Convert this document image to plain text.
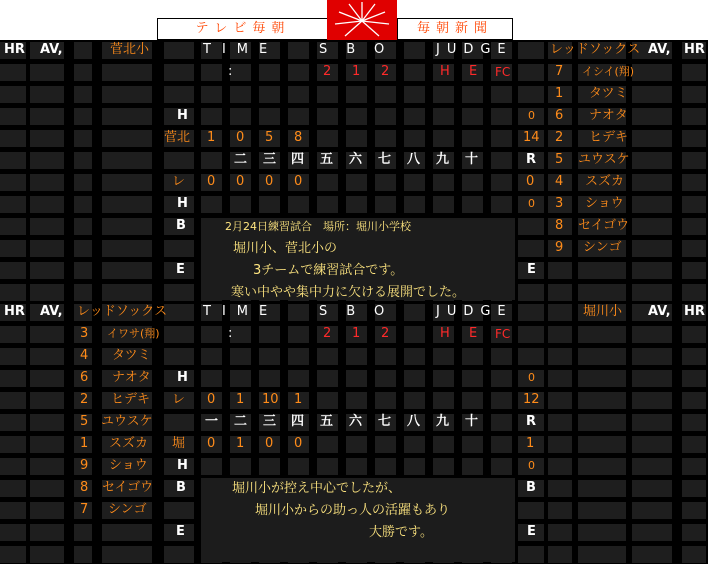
テレビ毎朝	毎朝新聞
HR AV,	菅北小	TIME	SBO	JUDGE	レッドソックス AV, HR
:	2 1 2	H E FC
H	0
菅北 1 0 5 8	14
二 三 四 五 六 七 八 九 十	R
レ 0 0 0 0	0
H	0
B
E	E
7 イシイ(翔)
1 タツミ
6 ナオタ
2 ヒデキ
5 ユウスケ
4 スズカ
3 ショウ
8 セイゴウ
9 シンゴ
2月24日練習試合　場所：堀川小学校
堀川小、菅北小の
3チームで練習試合です。
寒い中やや集中力に欠ける展開でした。
HR AV, レッドソックス	TIME	SBO	JUDGE	堀川小 AV, HR
:	2 1 2	H E FC
3 イワサ(翔)
4 タツミ
6 ナオタ
2 ヒデキ
5 ユウスケ
1 スズカ
9 ショウ
8 セイゴウ
7 シンゴ
H	0
レ 0 1 10 1	12
一 二 三 四 五 六 七 八 九 十	R
堀 0 1 0 0	1
H	0
B	B
E	E
堀川小が控え中心でしたが、
堀川小からの助っ人の活躍もあり
大勝です。
